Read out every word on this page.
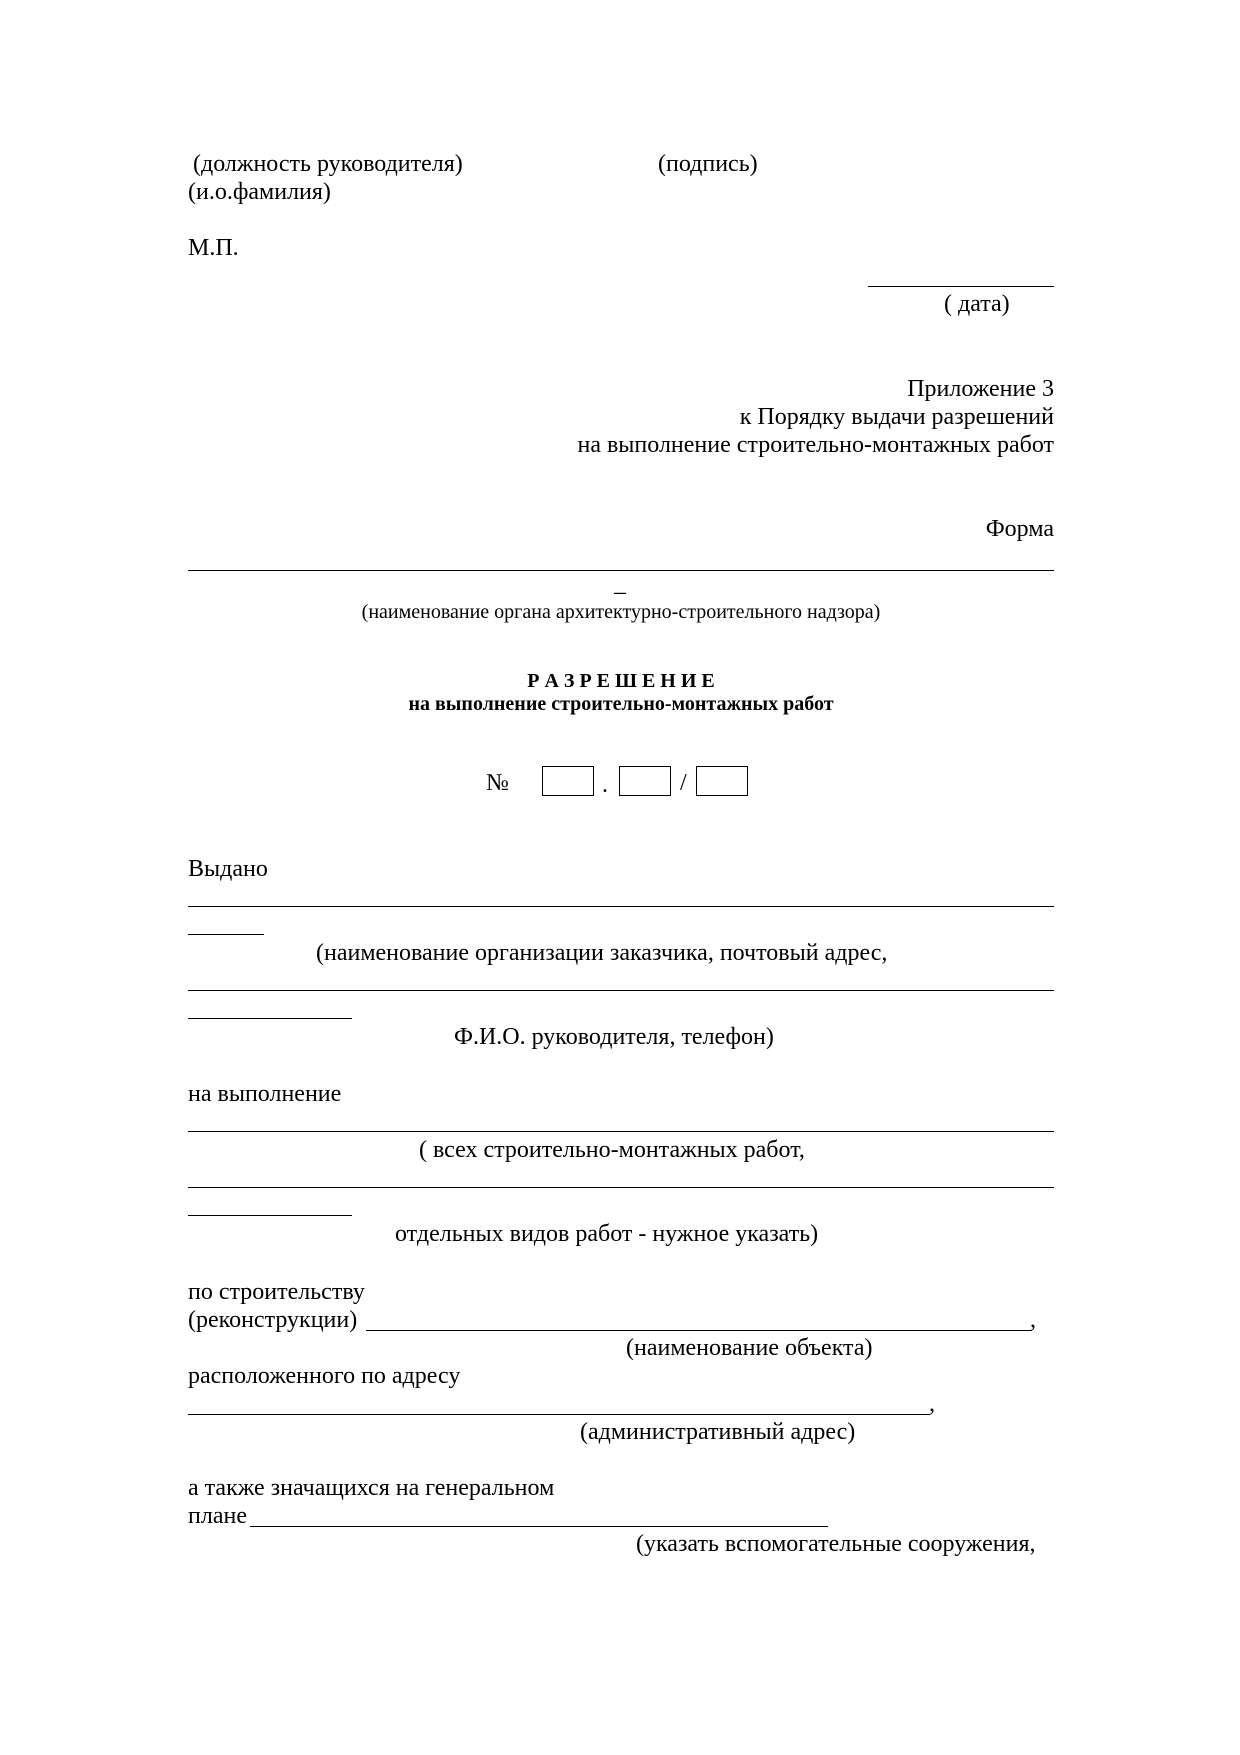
(должность руководителя)	(подпись)
(и.о.фамилия)
М.П.
( дата)
Приложение 3
к Порядку выдачи разрешений
на выполнение строительно-монтажных работ
Форма
_
(наименование органа архитектурно-строительного надзора)
Р А З Р Е Ш Е Н И Е
на выполнение строительно-монтажных работ
№	.	/
Выдано
(наименование организации заказчика, почтовый адрес,
Ф.И.О. руководителя, телефон)
на выполнение
( всех строительно-монтажных работ,
отдельных видов работ - нужное указать)
по строительству
(реконструкции)	,
(наименование объекта)
расположенного по адресу
,
(административный адрес)
а также значащихся на генеральном
плане
(указать вспомогательные сооружения,
